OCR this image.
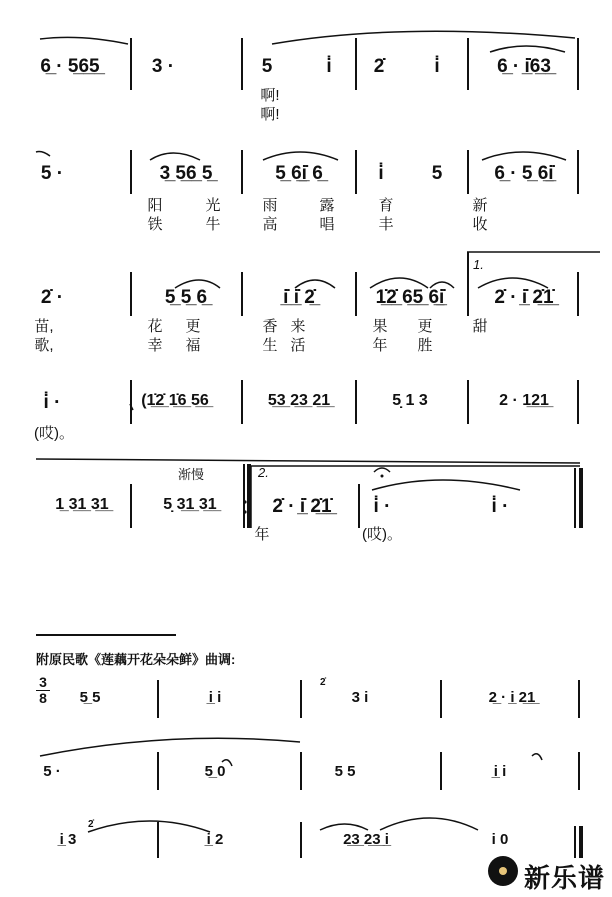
6̲ · 5̲6̲5̲	3 ·	5	i̇ 2̇	i̇	6̲ · i̲̇6̲3̲
啊!
啊!
5 ·	3̲ 5̲6̲ 5̲	5̲ 6̲i̲̇ 6̲	i̇	5	6̲ · 5̲ 6̲i̲̇
阳	光	雨	露	育	新
铁	牛	高	唱	丰	收
1.
2̇ ·	5̲ 5̲ 6̲	i̲̇ i̲̇ 2̲̇	1̲̇2̲̇ 6̲5̲ 6̲i̲̇	2̇ · i̲̇ 2̲̇1̲̇
苗,	花 更	香 来	果 更	甜
歌,	幸 福	生 活	年 胜
i̇ ·	(1̲̇2̲̇ 1̲̇6̲ 5̲6̲	5̲3̲ 2̲3̲ 2̲1̲	5̣ 1 3	2 · 1̲2̲1̲
(哎)。
渐慢	2.
1̲ 3̲1̲ 3̲1̲	5̣ 3̲1̲ 3̲1̲	2̇ · i̲̇ 2̲̇1̲̇ i̇ ·	i̇ ·
年	(哎)。
附原民歌《莲藕开花朵朵鲜》曲调:
3
8 5̲ 5	i̲ i
2̇
3 i	2̲ · i̲ 2̲1̲
5 ·	5̲ 0	5 5	i̲ i
2̇
i̲ 3	i̲ 2	2̲3̲ 2̲3̲ i̲	i 0
新乐谱
